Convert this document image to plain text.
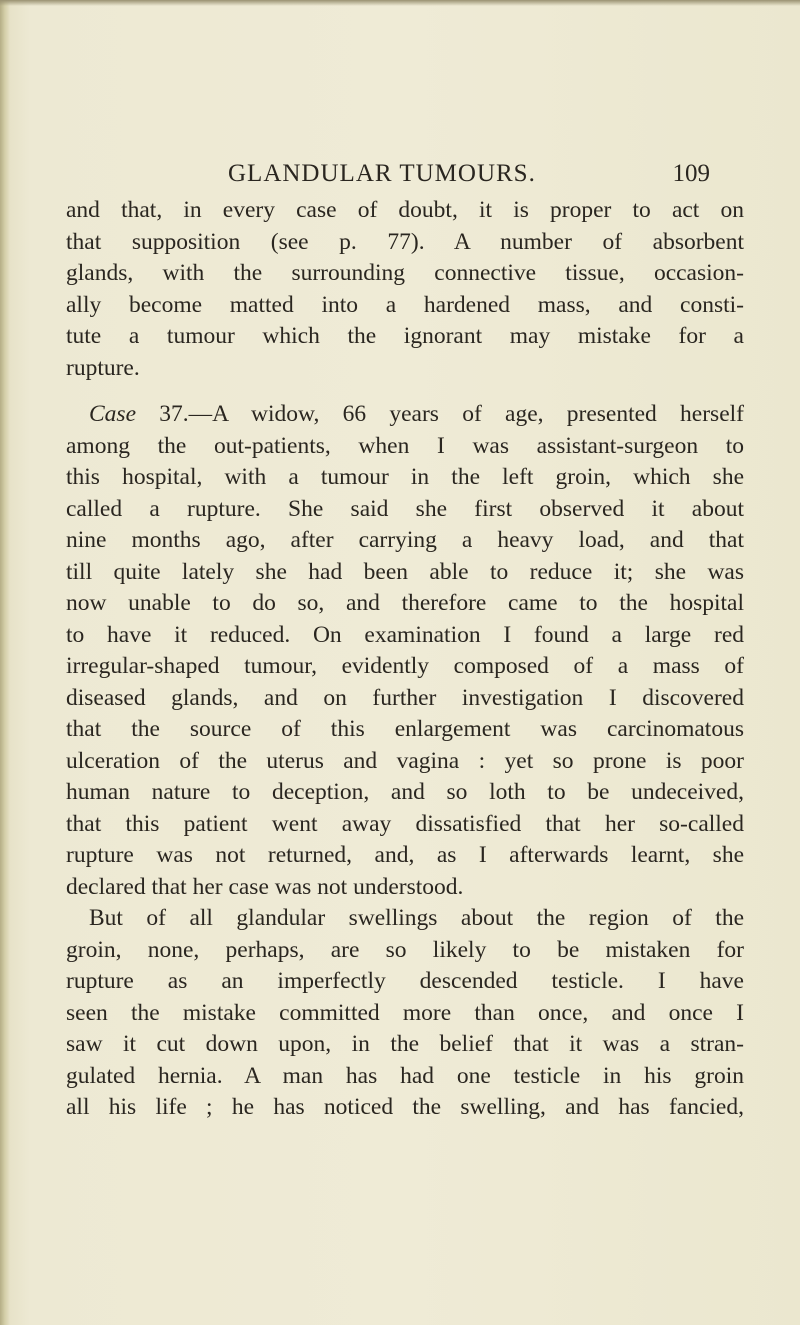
GLANDULAR TUMOURS.	109
and that, in every case of doubt, it is proper to act on
that supposition (see p. 77). A number of absorbent
glands, with the surrounding connective tissue, occasion-
ally become matted into a hardened mass, and consti-
tute a tumour which the ignorant may mistake for a
rupture.
Case 37.—A widow, 66 years of age, presented herself
among the out-patients, when I was assistant-surgeon to
this hospital, with a tumour in the left groin, which she
called a rupture. She said she first observed it about
nine months ago, after carrying a heavy load, and that
till quite lately she had been able to reduce it; she was
now unable to do so, and therefore came to the hospital
to have it reduced. On examination I found a large red
irregular-shaped tumour, evidently composed of a mass of
diseased glands, and on further investigation I discovered
that the source of this enlargement was carcinomatous
ulceration of the uterus and vagina : yet so prone is poor
human nature to deception, and so loth to be undeceived,
that this patient went away dissatisfied that her so-called
rupture was not returned, and, as I afterwards learnt, she
declared that her case was not understood.
But of all glandular swellings about the region of the
groin, none, perhaps, are so likely to be mistaken for
rupture as an imperfectly descended testicle. I have
seen the mistake committed more than once, and once I
saw it cut down upon, in the belief that it was a stran-
gulated hernia. A man has had one testicle in his groin
all his life ; he has noticed the swelling, and has fancied,
